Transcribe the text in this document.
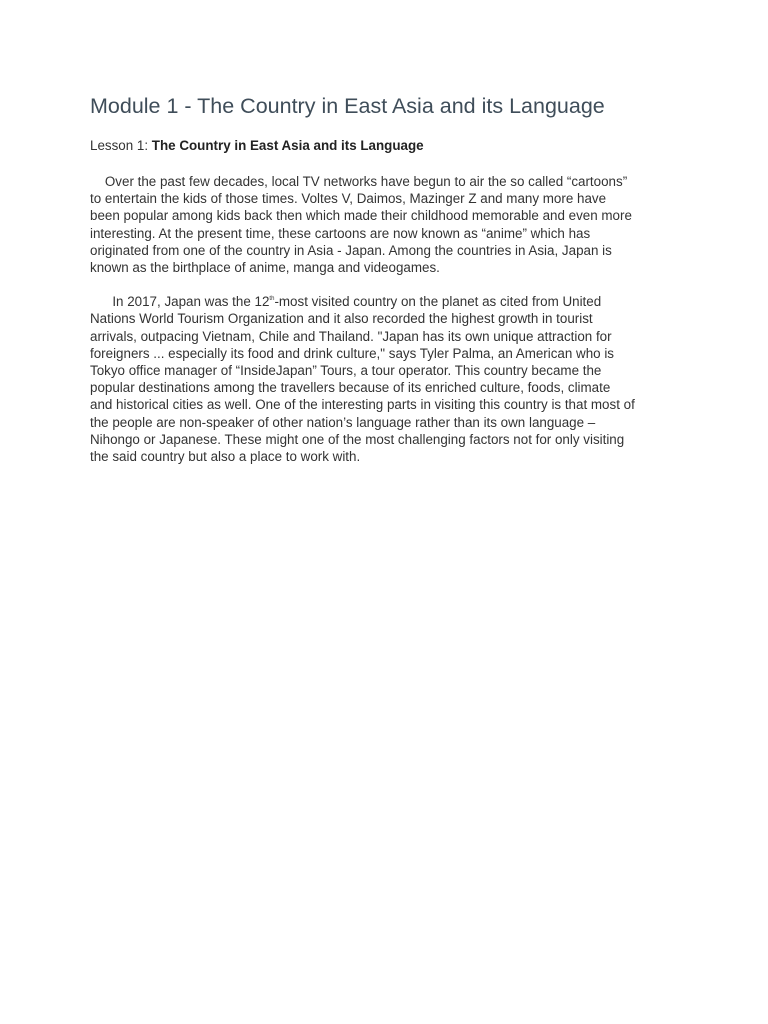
Module 1 - The Country in East Asia and its Language

Lesson 1: The Country in East Asia and its Language

Over the past few decades, local TV networks have begun to air the so called “cartoons”
to entertain the kids of those times. Voltes V, Daimos, Mazinger Z and many more have
been popular among kids back then which made their childhood memorable and even more
interesting. At the present time, these cartoons are now known as “anime” which has
originated from one of the country in Asia - Japan. Among the countries in Asia, Japan is
known as the birthplace of anime, manga and videogames.

In 2017, Japan was the 12th-most visited country on the planet as cited from United
Nations World Tourism Organization and it also recorded the highest growth in tourist
arrivals, outpacing Vietnam, Chile and Thailand. "Japan has its own unique attraction for
foreigners ... especially its food and drink culture," says Tyler Palma, an American who is
Tokyo office manager of “InsideJapan” Tours, a tour operator. This country became the
popular destinations among the travellers because of its enriched culture, foods, climate
and historical cities as well. One of the interesting parts in visiting this country is that most of
the people are non-speaker of other nation’s language rather than its own language –
Nihongo or Japanese. These might one of the most challenging factors not for only visiting
the said country but also a place to work with.
